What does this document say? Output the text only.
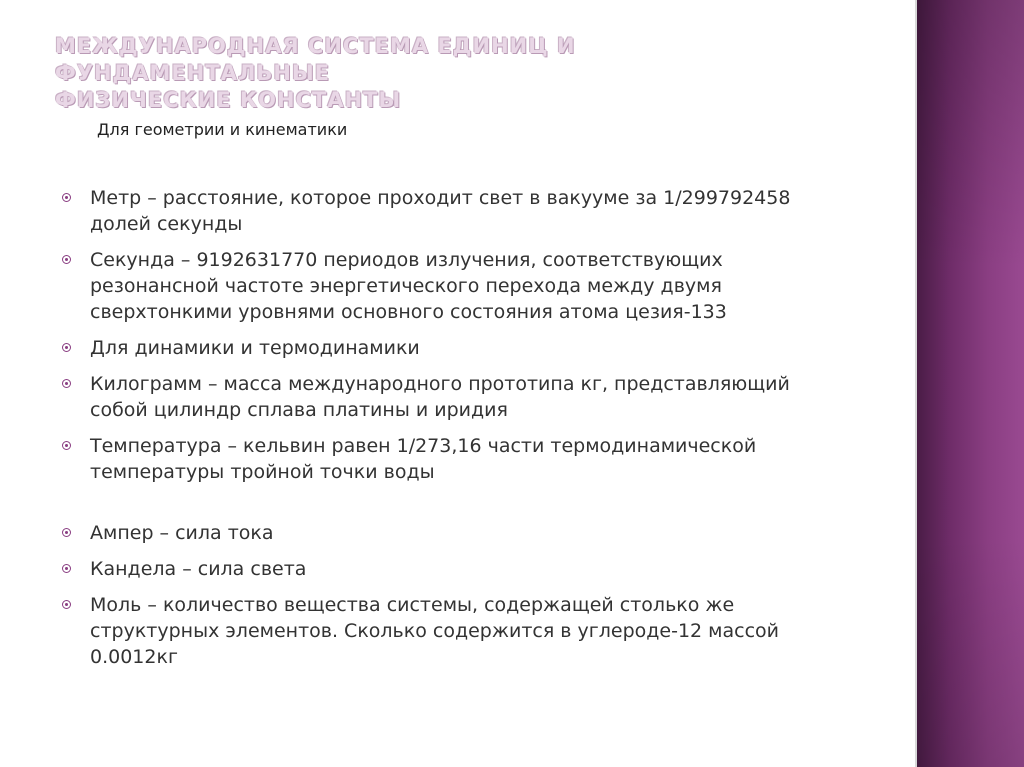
МЕЖДУНАРОДНАЯ СИСТЕМА ЕДИНИЦ И ФУНДАМЕНТАЛЬНЫЕ
ФИЗИЧЕСКИЕ КОНСТАНТЫ
Для геометрии и кинематики
Метр – расстояние, которое проходит свет в вакууме за 1/299792458 долей секунды
Секунда – 9192631770 периодов излучения, соответствующих резонансной частоте энергетического перехода между двумя сверхтонкими уровнями основного состояния атома цезия-133
Для динамики и термодинамики
Килограмм – масса международного прототипа кг, представляющий собой цилиндр сплава платины и иридия
Температура – кельвин равен 1/273,16 части термодинамической температуры тройной точки воды
Ампер – сила тока
Кандела – сила света
Моль – количество вещества системы, содержащей столько же структурных элементов. Сколько содержится в углероде-12 массой 0.0012кг
